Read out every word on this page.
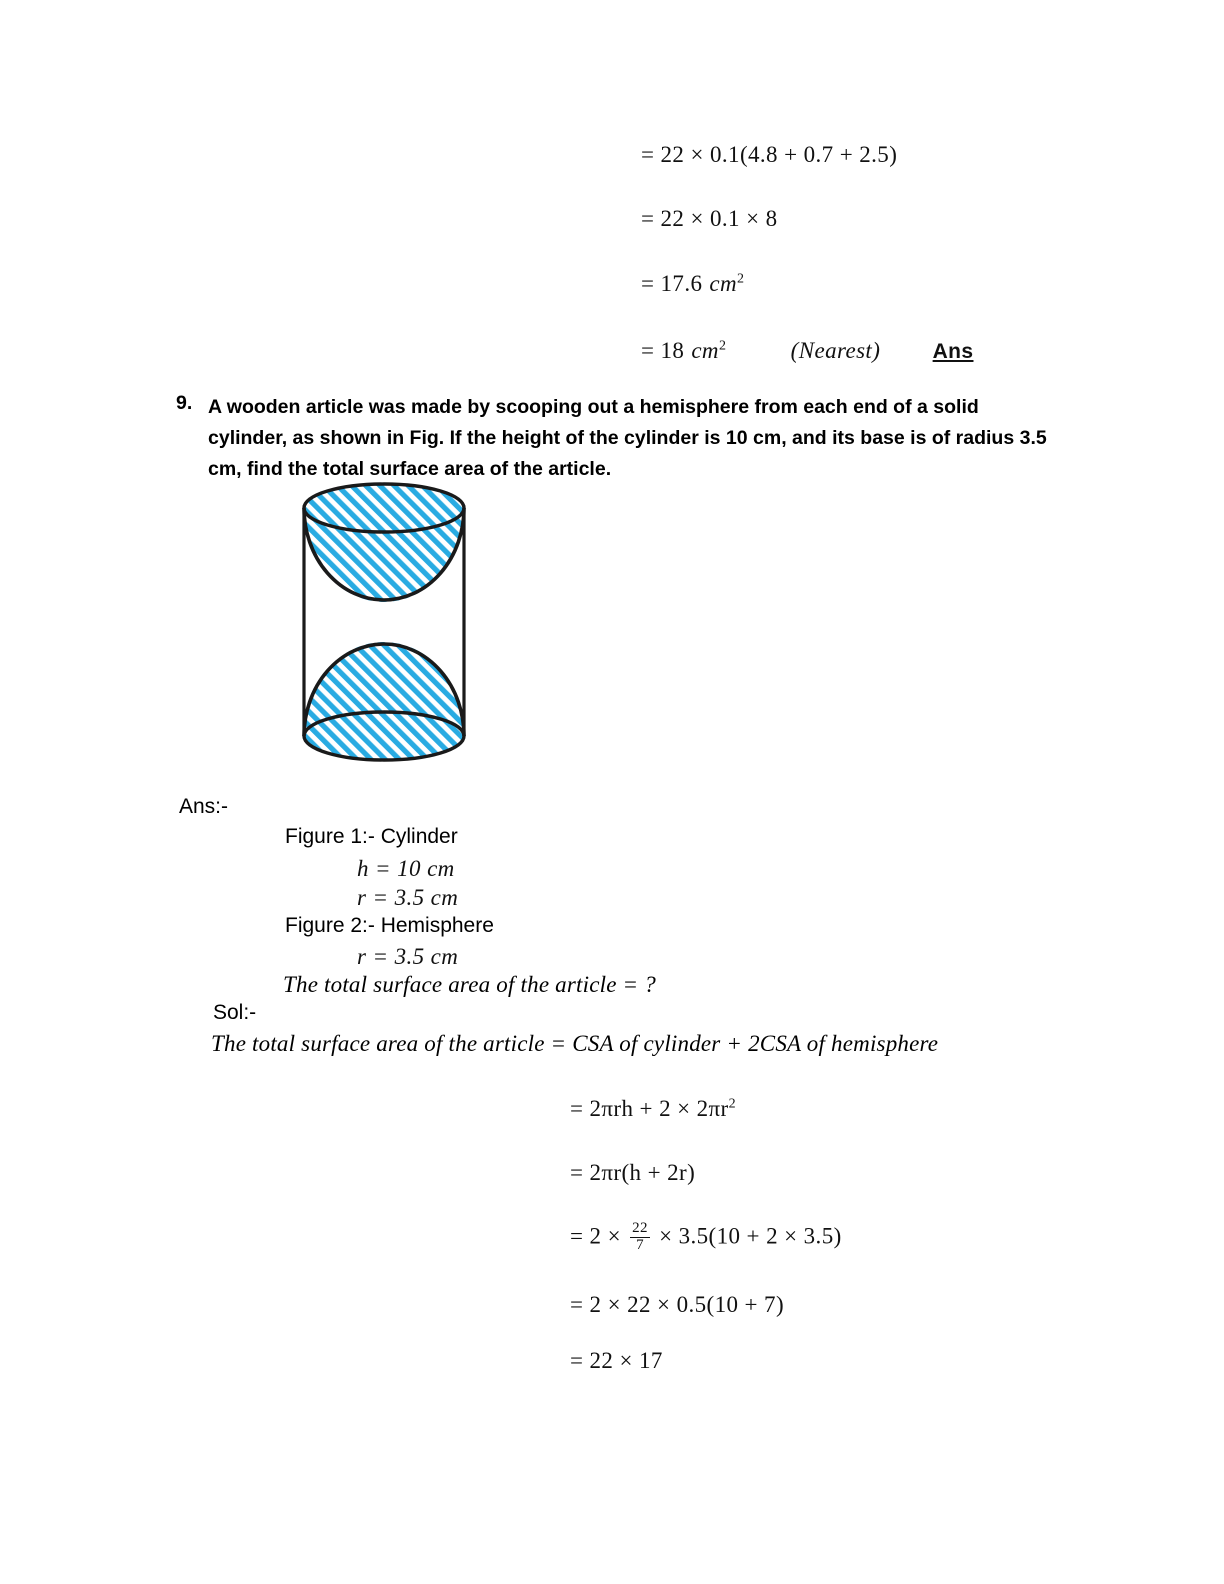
= 22 × 0.1(4.8 + 0.7 + 2.5)
= 22 × 0.1 × 8
= 17.6 $cm^2$
= 18 $cm^2$	(Nearest) Ans
9. A wooden article was made by scooping out a hemisphere from each end of a solid cylinder, as shown in Fig. If the height of the cylinder is 10 cm, and its base is of radius 3.5 cm, find the total surface area of the article.
Ans:-
Figure 1:- Cylinder
h = 10 cm
r = 3.5 cm
Figure 2:- Hemisphere
r = 3.5 cm
The total surface area of the article = ?
Sol:-
The total surface area of the article = CSA of cylinder + 2CSA of hemisphere
= $2\pi rh + 2 \times 2\pi r^2$
= 2πr(h + 2r)
= $2 \times \frac{22}{7} \times 3.5(10 + 2 \times 3.5)$
= 2 × 22 × 0.5(10 + 7)
= 22 × 17
